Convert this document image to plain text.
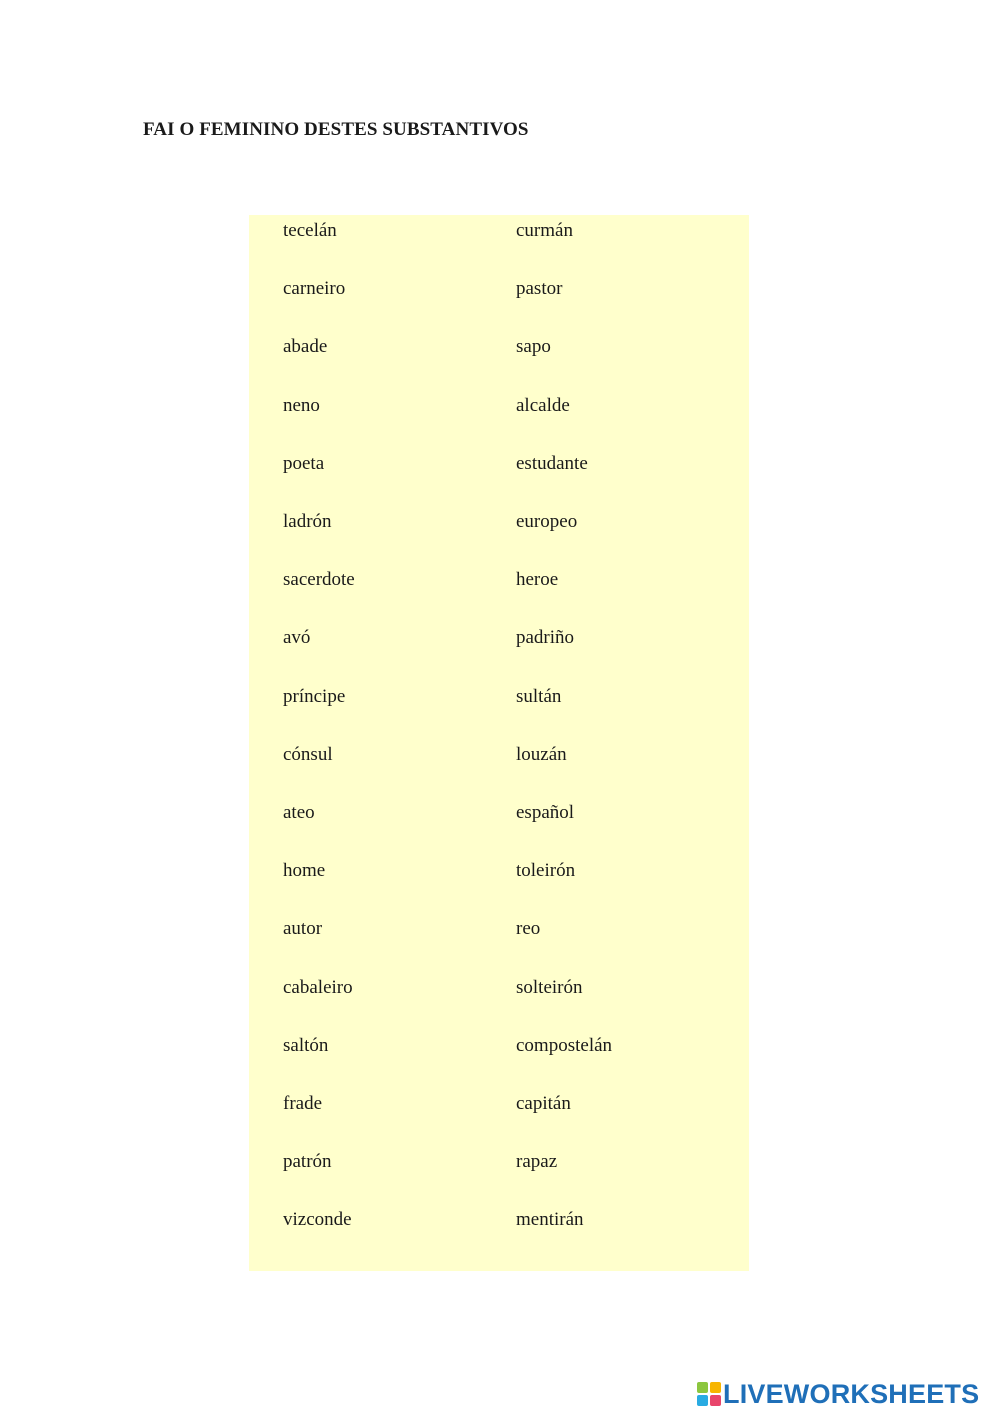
FAI O FEMININO DESTES SUBSTANTIVOS
tecelán	curmán
carneiro	pastor
abade	sapo
neno	alcalde
poeta	estudante
ladrón	europeo
sacerdote	heroe
avó	padriño
príncipe	sultán
cónsul	louzán
ateo	español
home	toleirón
autor	reo
cabaleiro	solteirón
saltón	compostelán
frade	capitán
patrón	rapaz
vizconde	mentirán
LIVEWORKSHEETS
